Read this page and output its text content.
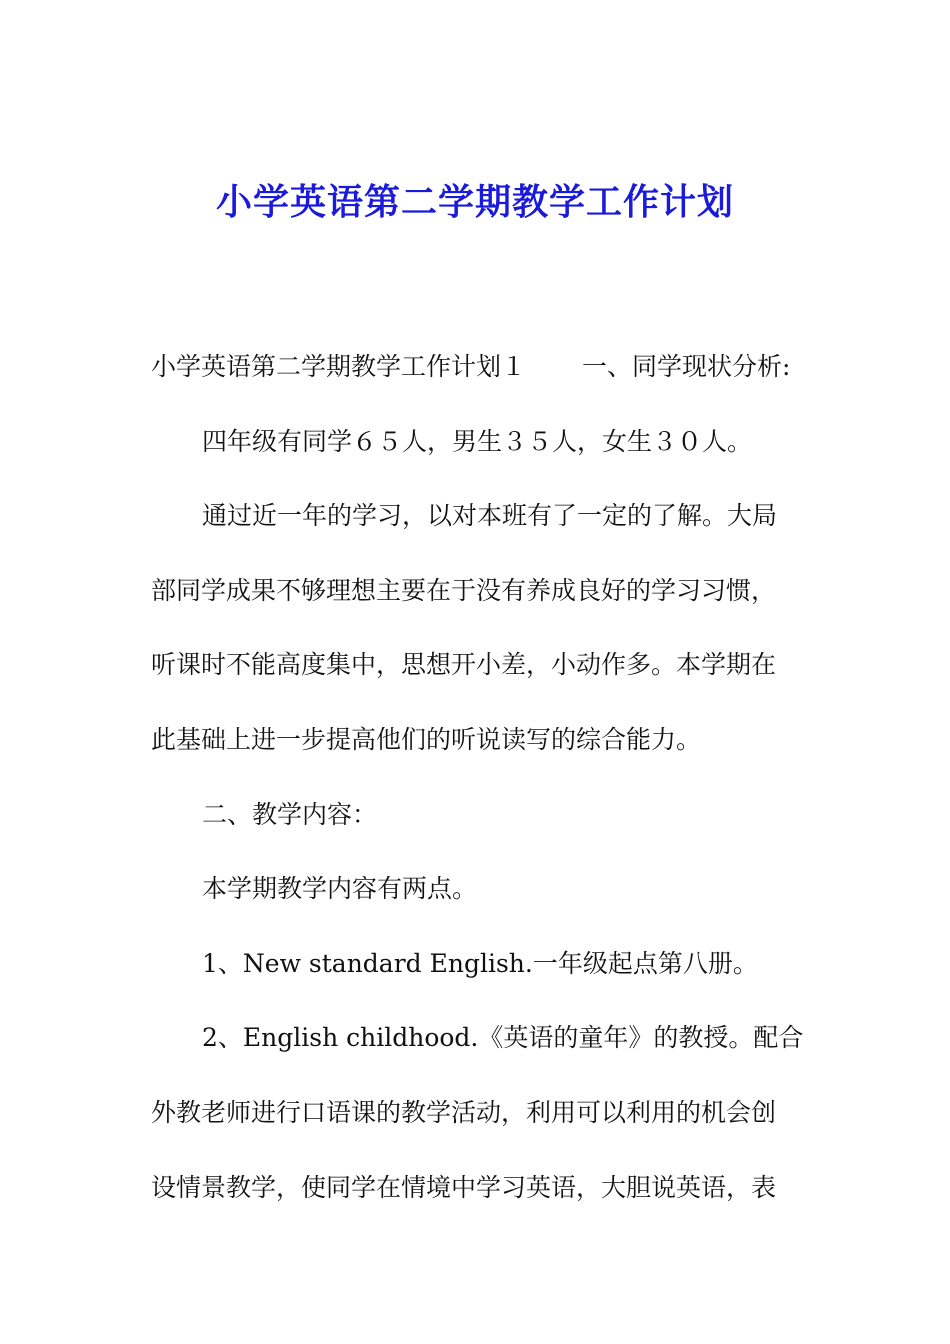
小学英语第二学期教学工作计划
小学英语第二学期教学工作计划１ 一、同学现状分析:
四年级有同学６５人，男生３５人，女生３０人。
通过近一年的学习，以对本班有了一定的了解。大局
部同学成果不够理想主要在于没有养成良好的学习习惯，
听课时不能高度集中，思想开小差，小动作多。本学期在
此基础上进一步提高他们的听说读写的综合能力。
二、教学内容：
本学期教学内容有两点。
1、New standard English.一年级起点第八册。
2、English childhood.《英语的童年》的教授。配合
外教老师进行口语课的教学活动，利用可以利用的机会创
设情景教学，使同学在情境中学习英语，大胆说英语，表
